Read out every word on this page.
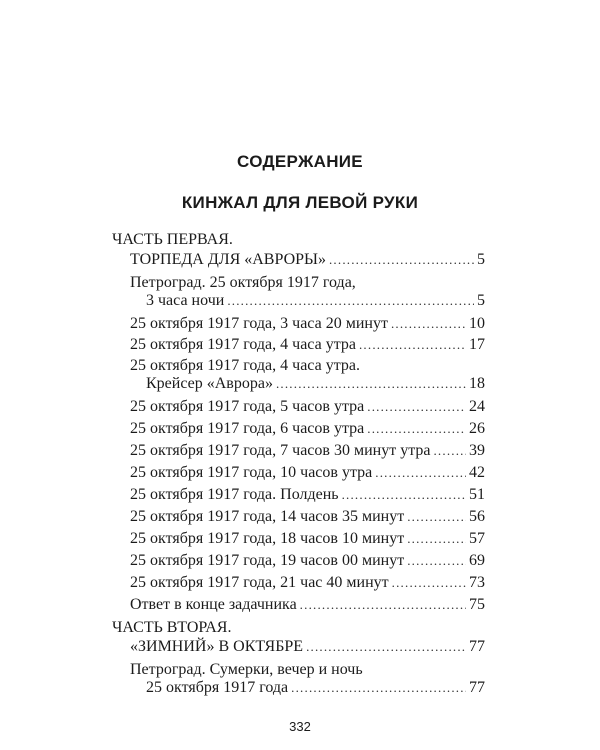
СОДЕРЖАНИЕ
КИНЖАЛ ДЛЯ ЛЕВОЙ РУКИ
ЧАСТЬ ПЕРВАЯ.
ТОРПЕДА ДЛЯ «АВРОРЫ» .....	5
Петроград. 25 октября 1917 года,
3 часа ночи .....	5
25 октября 1917 года, 3 часа 20 минут .....	10
25 октября 1917 года, 4 часа утра .....	17
25 октября 1917 года, 4 часа утра.
Крейсер «Аврора» .....	18
25 октября 1917 года, 5 часов утра .....	24
25 октября 1917 года, 6 часов утра .....	26
25 октября 1917 года, 7 часов 30 минут утра ..... 39
25 октября 1917 года, 10 часов утра .....	42
25 октября 1917 года. Полдень .....	51
25 октября 1917 года, 14 часов 35 минут .....	56
25 октября 1917 года, 18 часов 10 минут .....	57
25 октября 1917 года, 19 часов 00 минут .....	69
25 октября 1917 года, 21 час 40 минут .....	73
Ответ в конце задачника .....	75
ЧАСТЬ ВТОРАЯ.
«ЗИМНИЙ» В ОКТЯБРЕ .....	77
Петроград. Сумерки, вечер и ночь
25 октября 1917 года .....	77
332
